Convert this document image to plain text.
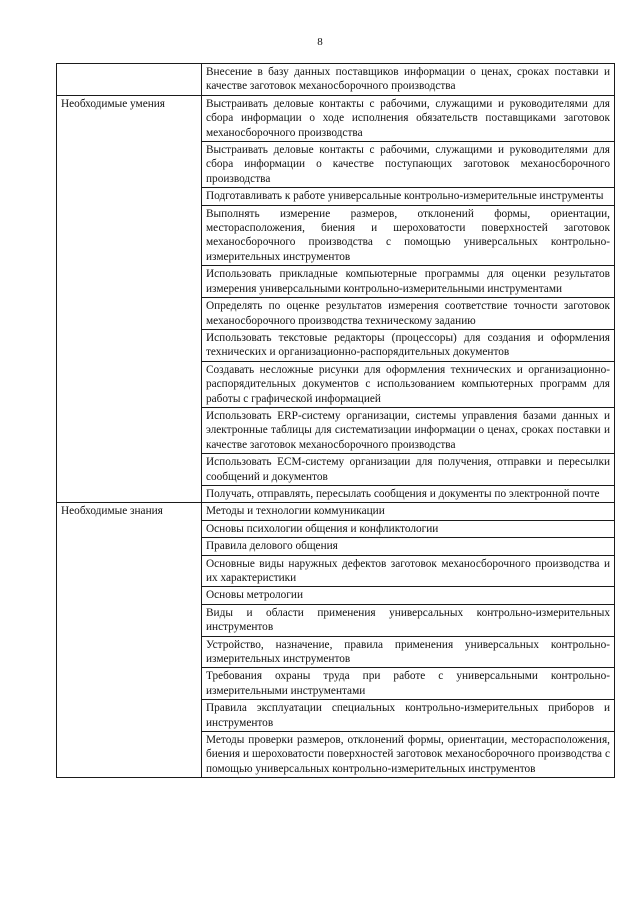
8
	Внесение в базу данных поставщиков информации о ценах, сроках поставки и качестве заготовок механосборочного производства
Необходимые умения	Выстраивать деловые контакты с рабочими, служащими и руководителями для сбора информации о ходе исполнения обязательств поставщиками заготовок механосборочного производства
	Выстраивать деловые контакты с рабочими, служащими и руководителями для сбора информации о качестве поступающих заготовок механосборочного производства
	Подготавливать к работе универсальные контрольно-измерительные инструменты
	Выполнять измерение размеров, отклонений формы, ориентации, месторасположения, биения и шероховатости поверхностей заготовок механосборочного производства с помощью универсальных контрольно-измерительных инструментов
	Использовать прикладные компьютерные программы для оценки результатов измерения универсальными контрольно-измерительными инструментами
	Определять по оценке результатов измерения соответствие точности заготовок механосборочного производства техническому заданию
	Использовать текстовые редакторы (процессоры) для создания и оформления технических и организационно-распорядительных документов
	Создавать несложные рисунки для оформления технических и организационно-распорядительных документов с использованием компьютерных программ для работы с графической информацией
	Использовать ERP-систему организации, системы управления базами данных и электронные таблицы для систематизации информации о ценах, сроках поставки и качестве заготовок механосборочного производства
	Использовать ECM-систему организации для получения, отправки и пересылки сообщений и документов
	Получать, отправлять, пересылать сообщения и документы по электронной почте
Необходимые знания	Методы и технологии коммуникации
	Основы психологии общения и конфликтологии
	Правила делового общения
	Основные виды наружных дефектов заготовок механосборочного производства и их характеристики
	Основы метрологии
	Виды и области применения универсальных контрольно-измерительных инструментов
	Устройство, назначение, правила применения универсальных контрольно-измерительных инструментов
	Требования охраны труда при работе с универсальными контрольно-измерительными инструментами
	Правила эксплуатации специальных контрольно-измерительных приборов и инструментов
	Методы проверки размеров, отклонений формы, ориентации, месторасположения, биения и шероховатости поверхностей заготовок механосборочного производства с помощью универсальных контрольно-измерительных инструментов
